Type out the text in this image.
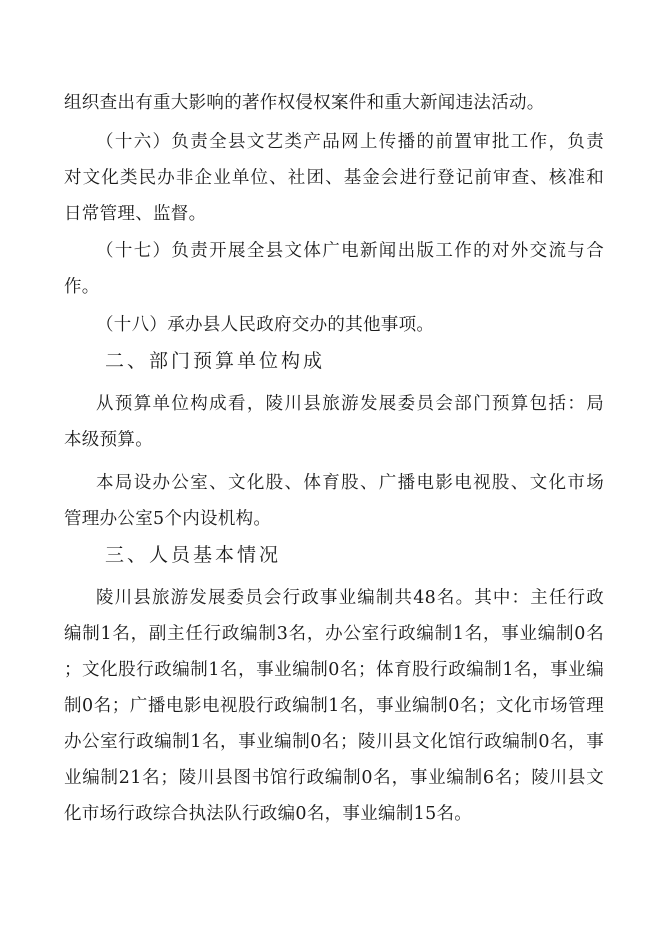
组织查出有重大影响的著作权侵权案件和重大新闻违法活动。
（十六）负责全县文艺类产品网上传播的前置审批工作，负责
对文化类民办非企业单位、社团、基金会进行登记前审查、核准和
日常管理、监督。
（十七）负责开展全县文体广电新闻出版工作的对外交流与合
作。
（十八）承办县人民政府交办的其他事项。
二、部门预算单位构成
从预算单位构成看，陵川县旅游发展委员会部门预算包括：局
本级预算。
本局设办公室、文化股、体育股、广播电影电视股、文化市场
管理办公室5个内设机构。
三、人员基本情况
陵川县旅游发展委员会行政事业编制共48名。其中：主任行政
编制1名，副主任行政编制3名，办公室行政编制1名，事业编制0名
；文化股行政编制1名，事业编制0名；体育股行政编制1名，事业编
制0名；广播电影电视股行政编制1名，事业编制0名；文化市场管理
办公室行政编制1名，事业编制0名；陵川县文化馆行政编制0名，事
业编制21名；陵川县图书馆行政编制0名，事业编制6名；陵川县文
化市场行政综合执法队行政编0名，事业编制15名。
